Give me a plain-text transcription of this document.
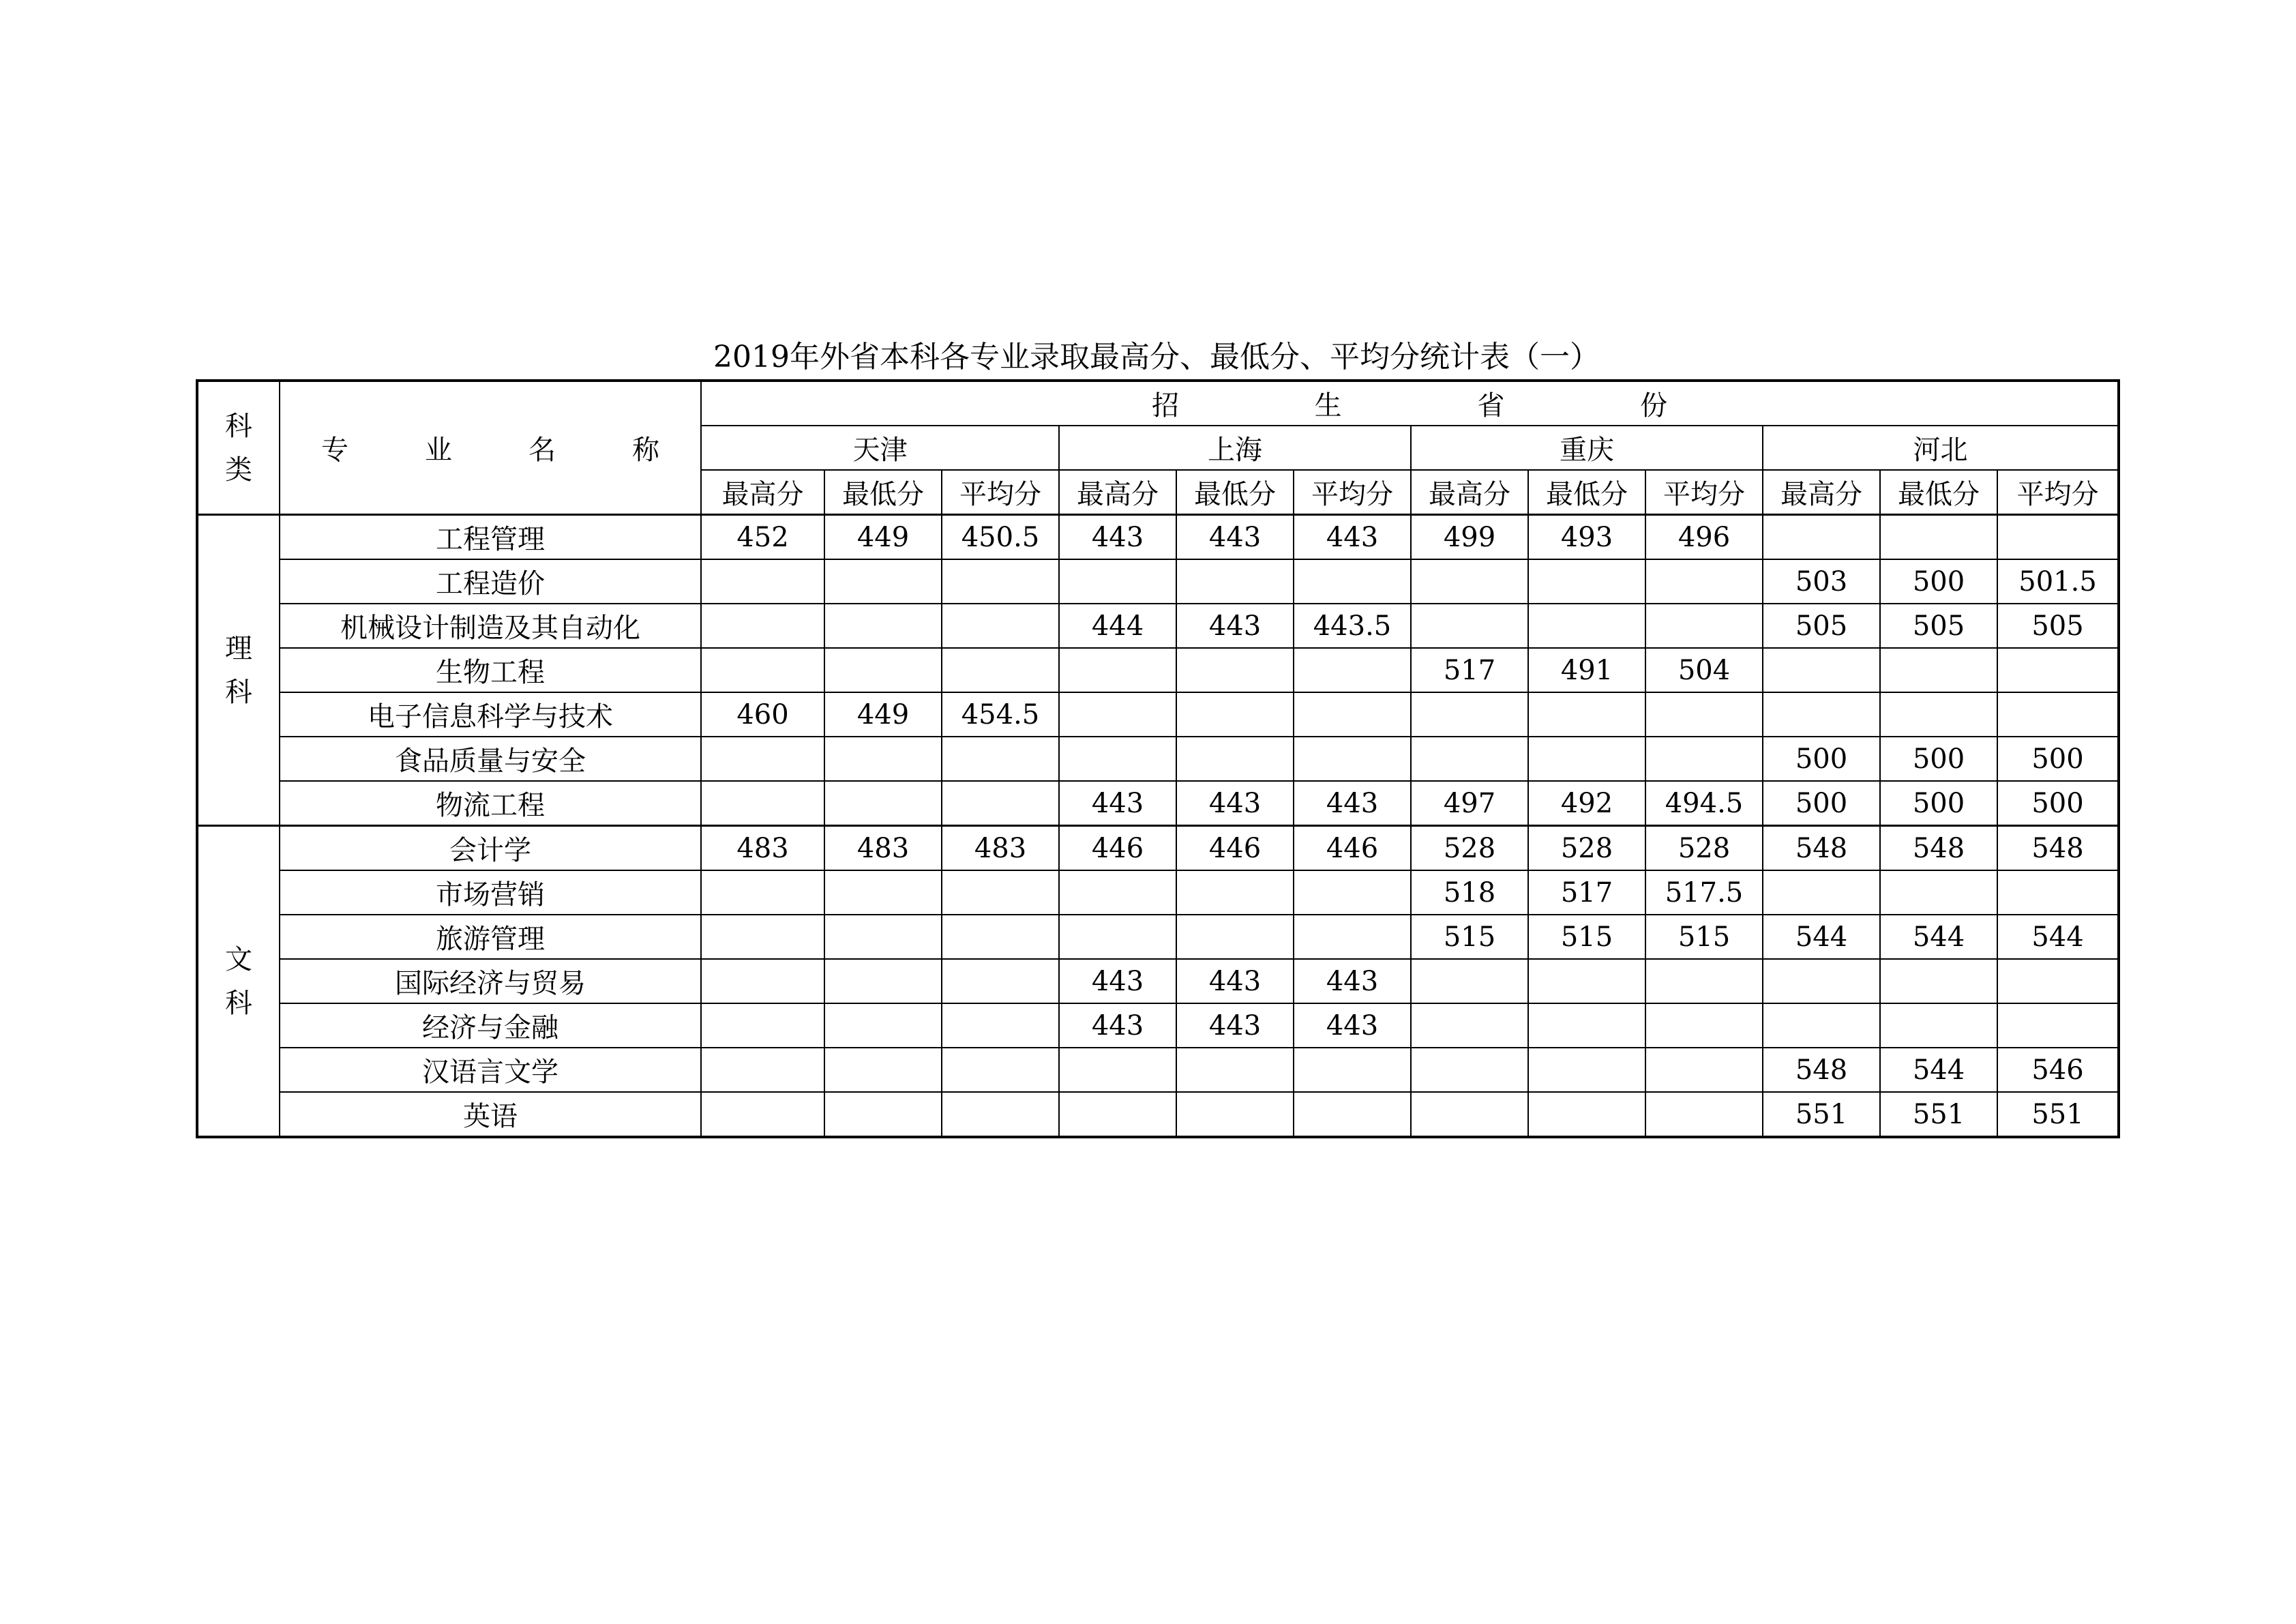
2019年外省本科各专业录取最高分、最低分、平均分统计表（一）
科类	专业名称	招生省份											

		天津			上海			重庆			河北		
		最高分	最低分	平均分	最高分	最低分	平均分	最高分	最低分	平均分	最高分	最低分	平均分
理科	工程管理	452	449	450.5	443	443	443	499	493	496			
	工程造价										503	500	501.5
	机械设计制造及其自动化				444	443	443.5				505	505	505
	生物工程							517	491	504			
	电子信息科学与技术	460	449	454.5									
	食品质量与安全										500	500	500
	物流工程				443	443	443	497	492	494.5	500	500	500
文科	会计学	483	483	483	446	446	446	528	528	528	548	548	548
	市场营销							518	517	517.5			
	旅游管理							515	515	515	544	544	544
	国际经济与贸易				443	443	443						
	经济与金融				443	443	443						
	汉语言文学										548	544	546
	英语										551	551	551
